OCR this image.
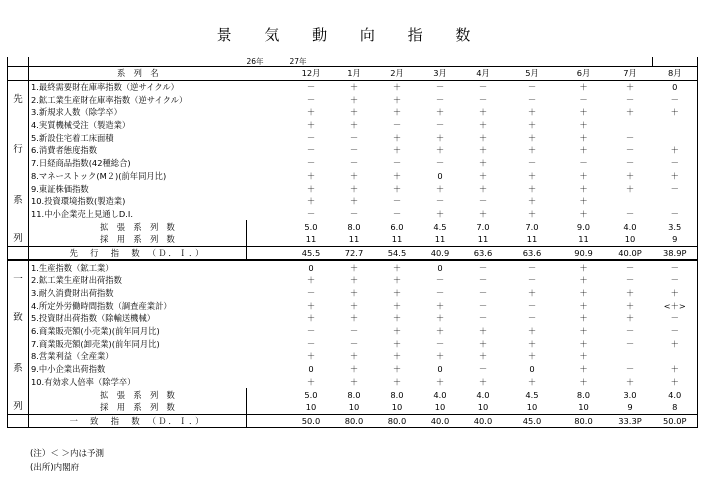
景 気 動 向 指 数
		26年	27年									
	系　列　名		12月	1月	2月	3月	4月	5月	6月	7月	8月	
	1.最終需要財在庫率指数（逆サイクル）		－	＋	＋	－	－	－	＋	＋	0	
先	2.鉱工業生産財在庫率指数（逆サイクル）		－	＋	＋	－	－	－	－	－	－	
	3.新規求人数（除学卒）		＋	＋	＋	＋	＋	＋	＋	＋	＋	
	4.実質機械受注（製造業）		＋	＋	－	－	＋	＋	＋			
	5.新設住宅着工床面積		－	－	＋	＋	＋	＋	＋	－		
行	6.消費者態度指数		－	－	＋	＋	＋	＋	＋	－	＋	
	7.日経商品指数(42種総合)		－	－	－	－	＋	－	－	－	－	
	8.マネーストック(M２)(前年同月比)		＋	＋	＋	0	＋	＋	＋	＋	＋	
	9.東証株価指数		＋	＋	＋	＋	＋	＋	＋	＋	－	
系	10.投資環境指数(製造業)		＋	＋	－	－	－	＋	＋			
	11.中小企業売上見通しD.I.		－	－	－	＋	＋	＋	＋	－	－	
	拡　張　系　列　数		5.0	8.0	6.0	4.5	7.0	7.0	9.0	4.0	3.5	
列	採　用　系　列　数		11	11	11	11	11	11	11	10	9	
	先　行　指　数　（Ｄ．Ｉ．）		45.5	72.7	54.5	40.9	63.6	63.6	90.9	40.0P	38.9P	
	1.生産指数（鉱工業）		0	＋	＋	0	－	－	＋	－	－	
一	2.鉱工業生産財出荷指数		＋	＋	＋	－	－	－	＋	－	－	
	3.耐久消費財出荷指数		－	＋	＋	－	－	＋	＋	＋	＋	
	4.所定外労働時間指数（調査産業計）		＋	＋	＋	＋	－	－	＋	＋	<＋>	
致	5.投資財出荷指数（除輸送機械）		＋	＋	＋	＋	－	－	＋	＋	－	
	6.商業販売額(小売業)(前年同月比)		－	－	＋	＋	＋	＋	＋	－	－	
	7.商業販売額(卸売業)(前年同月比)		－	－	＋	－	＋	＋	＋	－	＋	
	8.営業利益（全産業）		＋	＋	＋	＋	＋	＋	＋			
系	9.中小企業出荷指数		0	＋	＋	0	－	0	＋	－	＋	
	10.有効求人倍率（除学卒）		＋	＋	＋	＋	＋	＋	＋	＋	＋	
	拡　張　系　列　数		5.0	8.0	8.0	4.0	4.0	4.5	8.0	3.0	4.0	
列	採　用　系　列　数		10	10	10	10	10	10	10	9	8	
	一　致　指　数　（Ｄ．Ｉ．）		50.0	80.0	80.0	40.0	40.0	45.0	80.0	33.3P	50.0P	
(注）＜ ＞内は予測
(出所)内閣府
